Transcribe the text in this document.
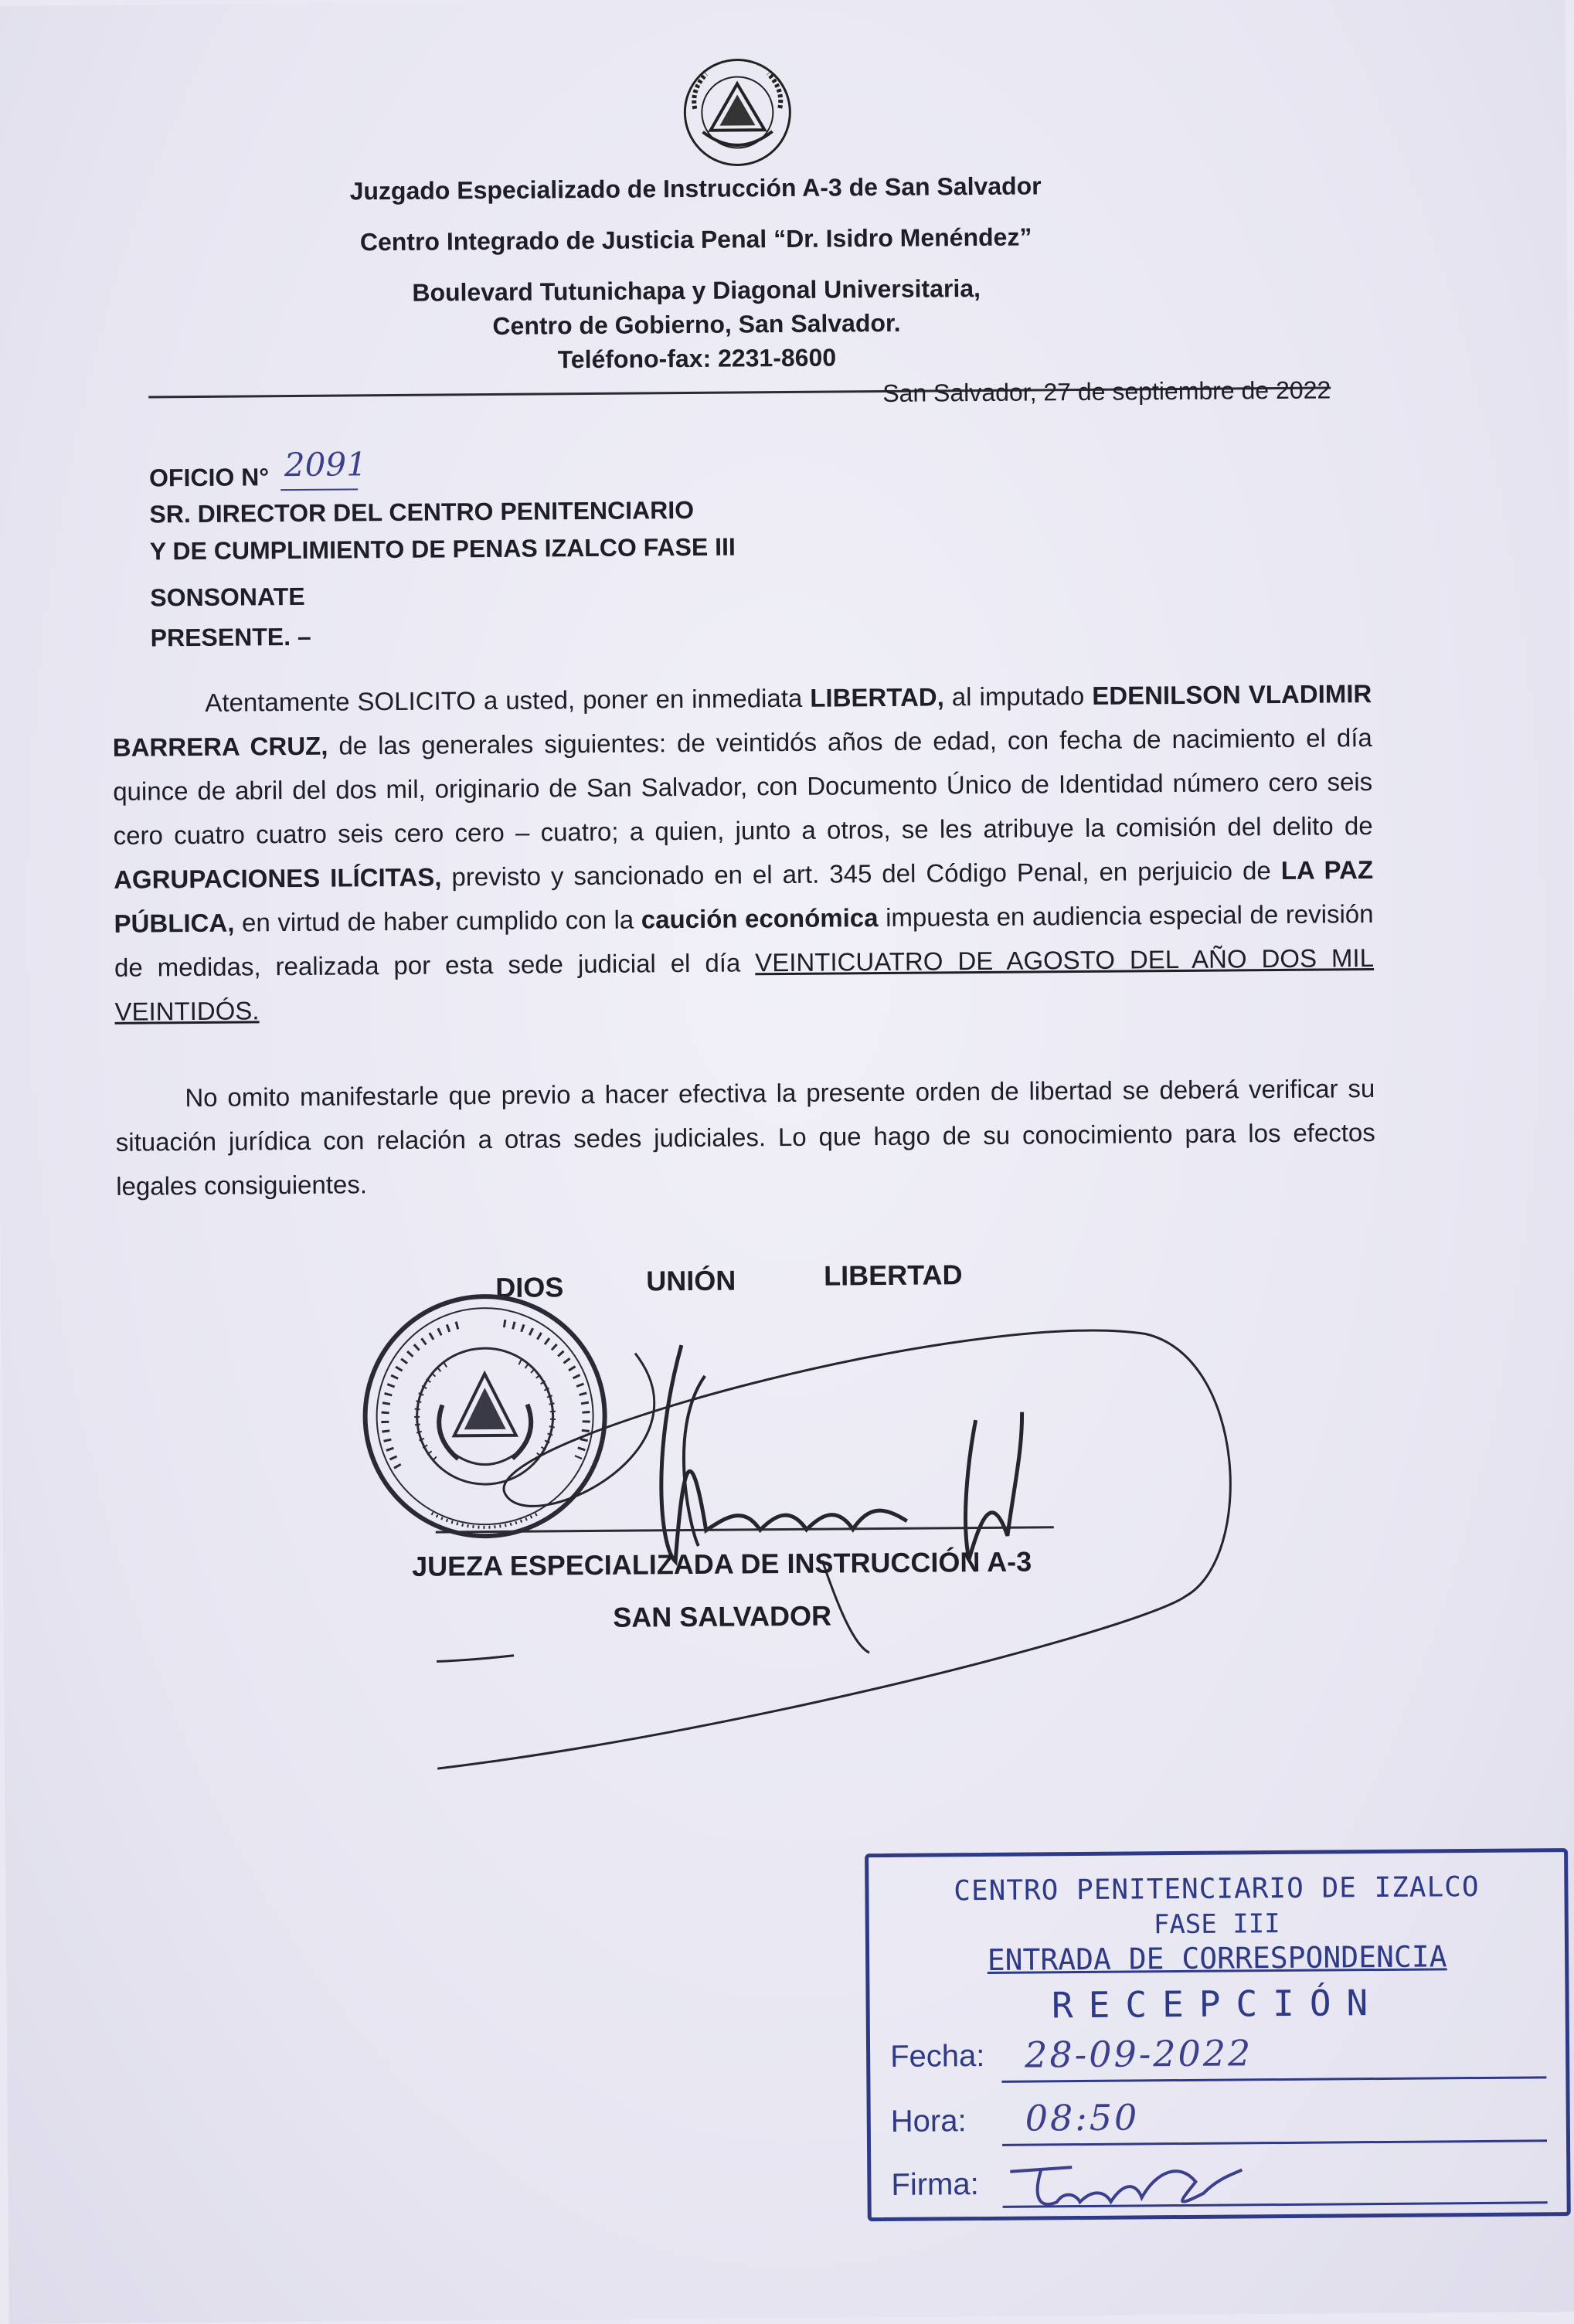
Juzgado Especializado de Instrucción A-3 de San Salvador
Centro Integrado de Justicia Penal “Dr. Isidro Menéndez”
Boulevard Tutunichapa y Diagonal Universitaria,
Centro de Gobierno, San Salvador.
Teléfono-fax: 2231-8600
San Salvador, 27 de septiembre de 2022
OFICIO N° 2091
SR. DIRECTOR DEL CENTRO PENITENCIARIO
Y DE CUMPLIMIENTO DE PENAS IZALCO FASE III
SONSONATE
PRESENTE. –
Atentamente SOLICITO a usted, poner en inmediata LIBERTAD, al imputado EDENILSON VLADIMIR BARRERA CRUZ, de las generales siguientes: de veintidós años de edad, con fecha de nacimiento el día quince de abril del dos mil, originario de San Salvador, con Documento Único de Identidad número cero seis cero cuatro cuatro seis cero cero – cuatro; a quien, junto a otros, se les atribuye la comisión del delito de AGRUPACIONES ILÍCITAS, previsto y sancionado en el art. 345 del Código Penal, en perjuicio de LA PAZ PÚBLICA, en virtud de haber cumplido con la caución económica impuesta en audiencia especial de revisión de medidas, realizada por esta sede judicial el día VEINTICUATRO DE AGOSTO DEL AÑO DOS MIL VEINTIDÓS.
No omito manifestarle que previo a hacer efectiva la presente orden de libertad se deberá verificar su situación jurídica con relación a otras sedes judiciales. Lo que hago de su conocimiento para los efectos legales consiguientes.
DIOS	UNIÓN	LIBERTAD
JUEZA ESPECIALIZADA DE INSTRUCCIÓN A-3
SAN SALVADOR
CENTRO PENITENCIARIO DE IZALCO
FASE III
ENTRADA DE CORRESPONDENCIA
RECEPCIÓN
Fecha: 28-09-2022
Hora: 08:50
Firma:
